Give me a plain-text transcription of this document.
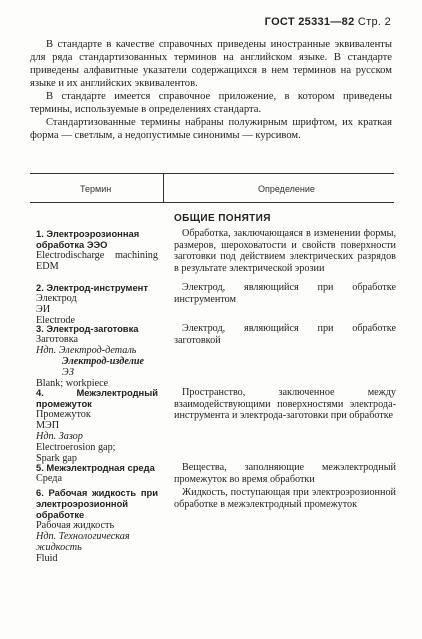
ГОСТ 25331—82 Стр. 2

В стандарте в качестве справочных приведены иностранные эквиваленты для ряда стандартизованных терминов на английском языке. В стандарте приведены алфавитные указатели содержащихся в нем терминов на русском языке и их английских эквивалентов.

В стандарте имеется справочное приложение, в котором приведены термины, используемые в определениях стандарта.

Стандартизованные термины набраны полужирным шрифтом, их краткая форма — светлым, а недопустимые синонимы — курсивом.

Термин	Определение
ОБЩИЕ ПОНЯТИЯ
1. Электроэрозионная обработка ЭЭО
Electrodischarge machining
EDM
Обработка, заключающаяся в изменении формы, размеров, шероховатости и свойств поверхности заготовки под действием электрических разрядов в результате электрической эрозии
2. Электрод-инструмент
Электрод
ЭИ
Electrode
Электрод, являющийся при обработке инструментом
3. Электрод-заготовка
Заготовка
Ндп. Электрод-деталь
Электрод-изделие
ЭЗ
Blank; workpiece
Электрод, являющийся при обработке заготовкой
4. Межэлектродный промежуток
Промежуток
МЭП
Ндп. Зазор
Electroerosion gap;
Spark gap
Пространство, заключенное между взаимодействующими поверхностями электрода-инструмента и электрода-заготовки при обработке
5. Межэлектродная среда
Среда
Вещества, заполняющие межэлектродный промежуток во время обработки
6. Рабочая жидкость при электроэрозионной обработке
Рабочая жидкость
Ндп. Технологическая жидкость
Fluid
Жидкость, поступающая при электроэрозионной обработке в межэлектродный промежуток
